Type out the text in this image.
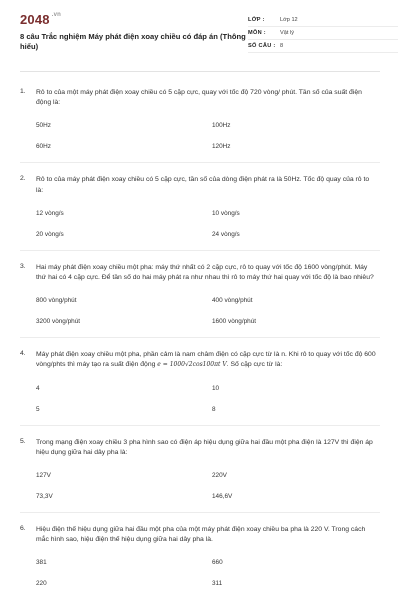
2048 $^{.vn}$
8 câu Trắc nghiệm Máy phát điện xoay chiều có đáp án (Thông hiểu)
LỚP :	Lớp 12
MÔN :	Vật lý
SỐ CÂU : 8
1. Rô to của một máy phát điện xoay chiều có 5 cặp cực, quay với tốc độ 720 vòng/ phút. Tần số của suất điện động là:
50Hz	100Hz
60Hz	120Hz
2. Rô to của máy phát điện xoay chiều có 5 cặp cực, tần số của dòng điện phát ra là 50Hz. Tốc độ quay của rô to là:
12 vòng/s	10 vòng/s
20 vòng/s	24 vòng/s
3. Hai máy phát điện xoay chiều một pha: máy thứ nhất có 2 cặp cực, rô to quay với tốc độ 1600 vòng/phút. Máy thứ hai có 4 cặp cực. Để tần số do hai máy phát ra như nhau thì rô to máy thứ hai quay với tốc độ là bao nhiêu?
800 vòng/phút	400 vòng/phút
3200 vòng/phút	1600 vòng/phút
4. Máy phát điện xoay chiều một pha, phần cảm là nam châm điện có cặp cực từ là n. Khi rô to quay với tốc độ 600 vòng/phts thì máy tạo ra suất điện động e = 1000√2cos100πt V. Số cặp cực từ là:
4	10
5	8
5. Trong mạng điện xoay chiều 3 pha hình sao có điện áp hiệu dụng giữa hai đầu một pha điện là 127V thì điện áp hiệu dụng giữa hai dây pha là:
127V	220V
73,3V	146,6V
6. Hiệu điện thế hiệu dụng giữa hai đầu một pha của một máy phát điện xoay chiều ba pha là 220 V. Trong cách mắc hình sao, hiệu điện thế hiệu dụng giữa hai dây pha là.
381	660
220	311
